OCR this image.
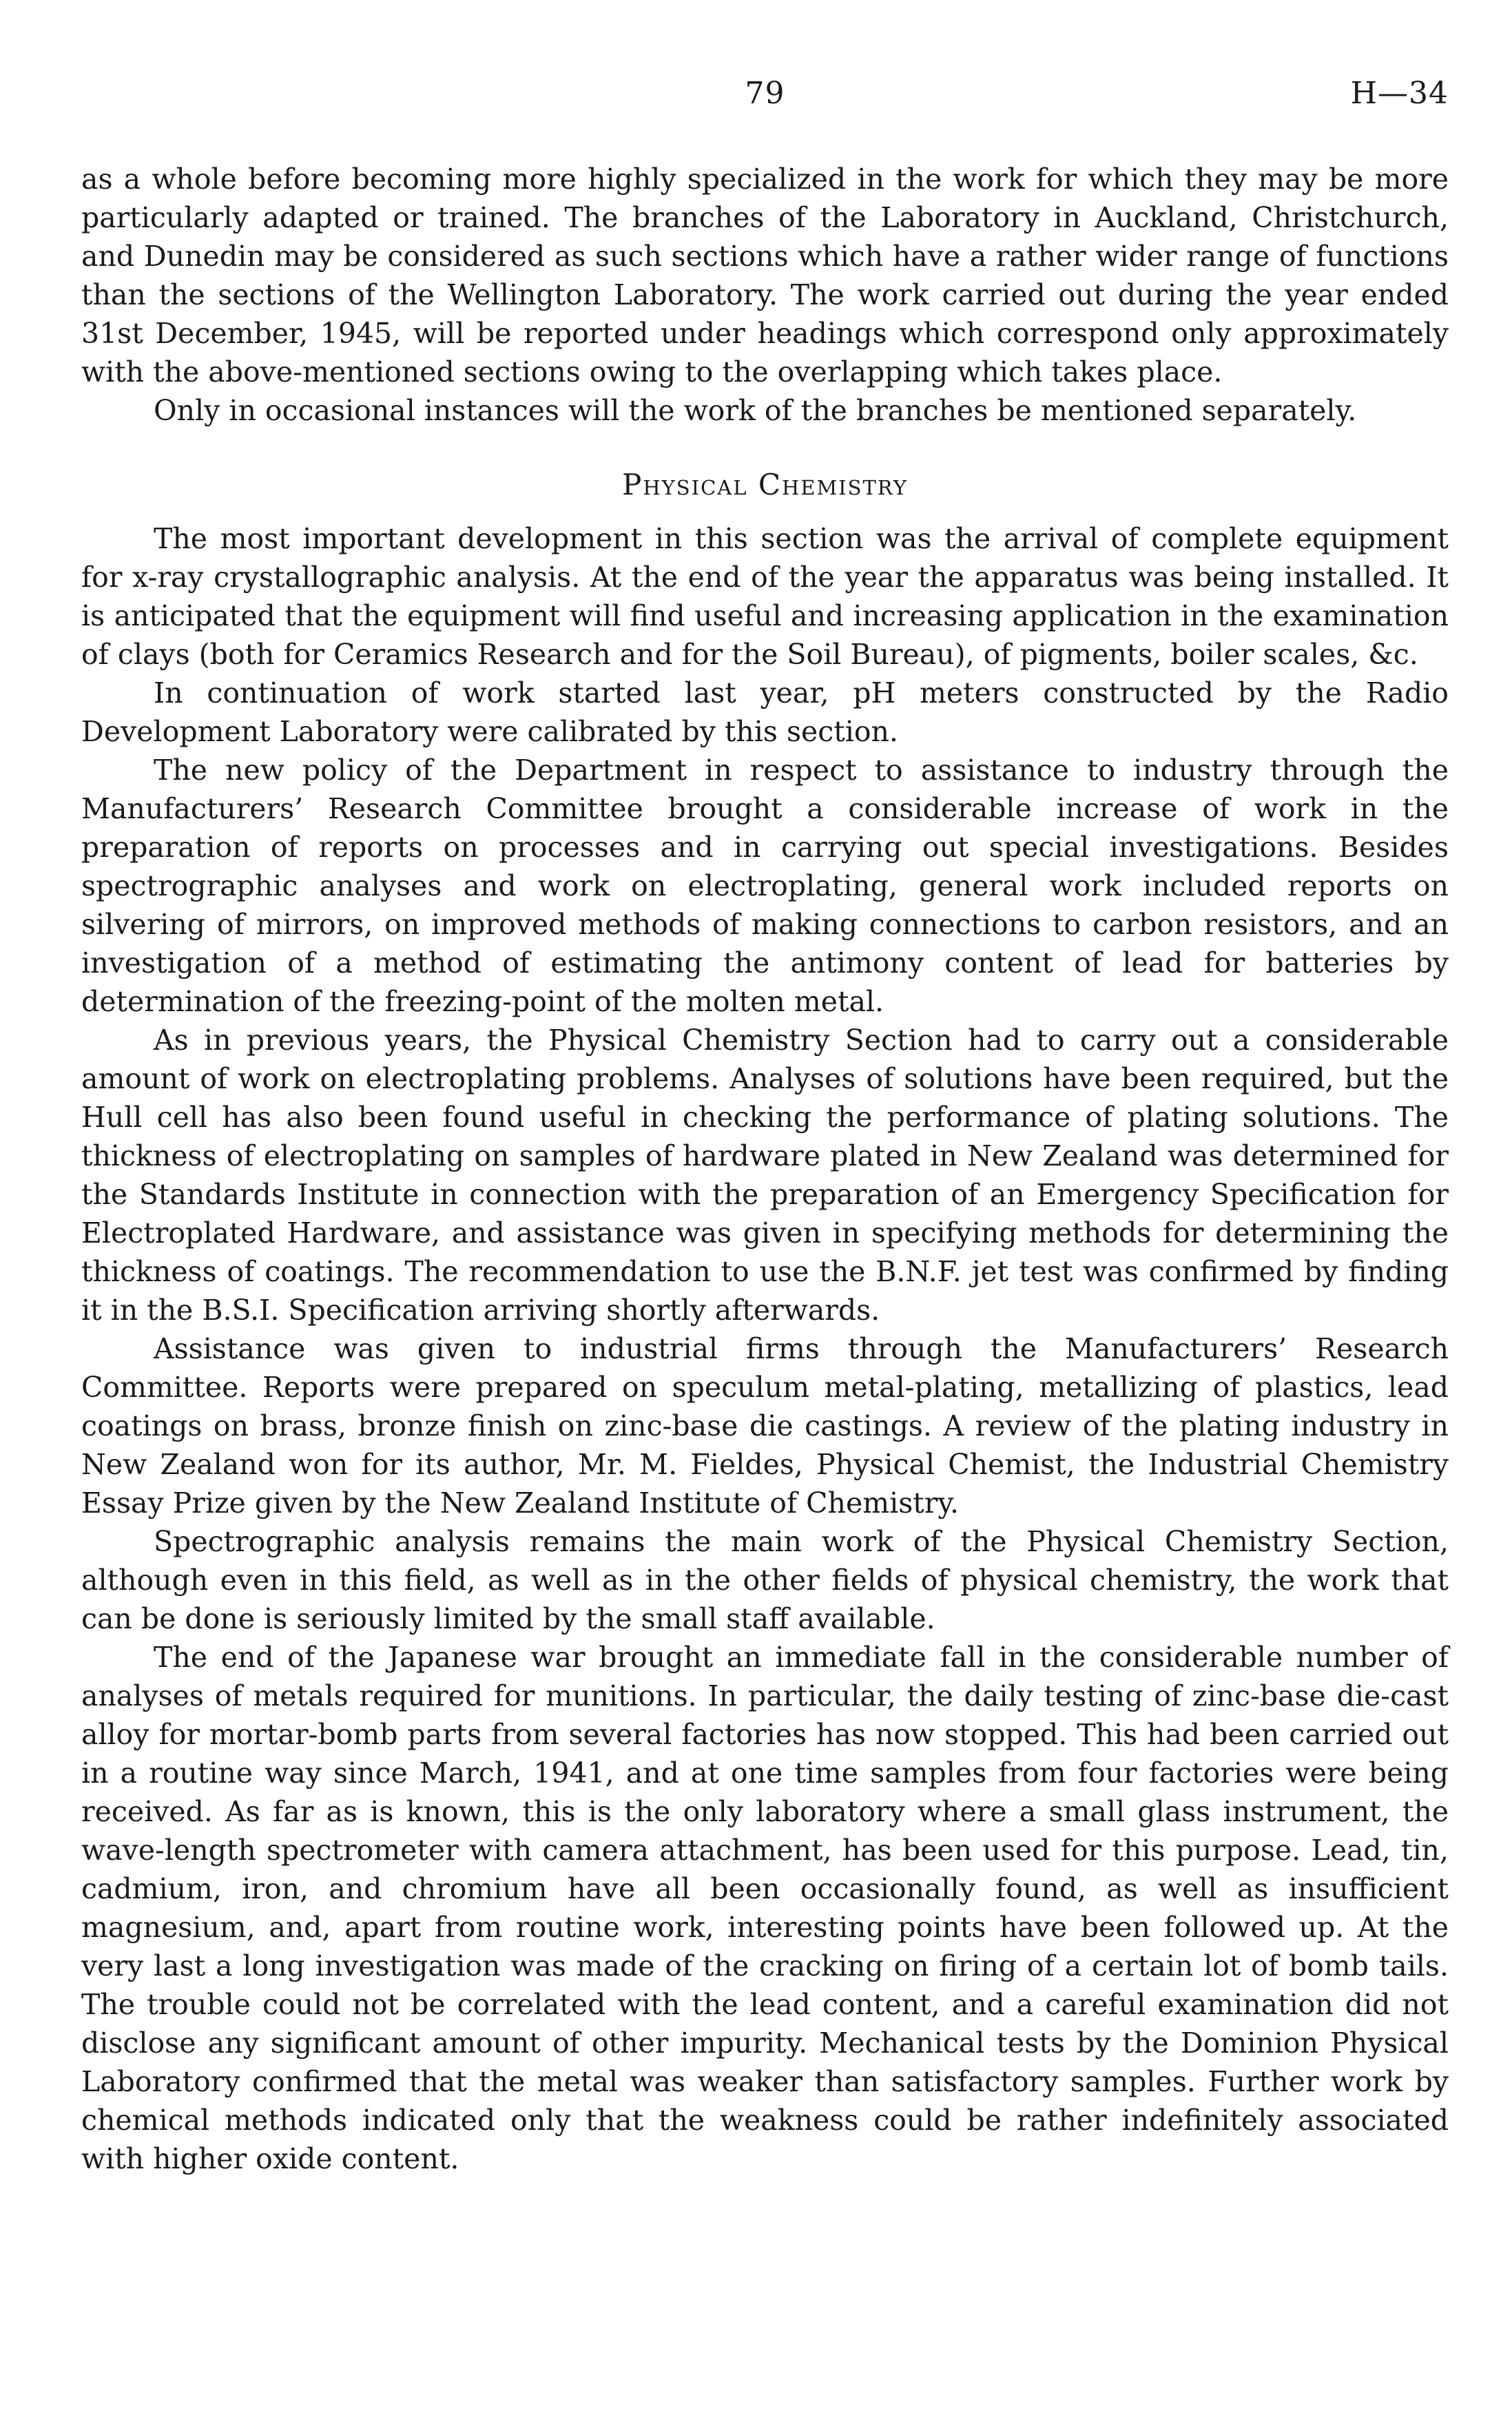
79	H—34

as a whole before becoming more highly specialized in the work for which they may be more particularly adapted or trained. The branches of the Laboratory in Auckland, Christchurch, and Dunedin may be considered as such sections which have a rather wider range of functions than the sections of the Wellington Laboratory. The work carried out during the year ended 31st December, 1945, will be reported under headings which correspond only approximately with the above-mentioned sections owing to the overlapping which takes place.

Only in occasional instances will the work of the branches be mentioned separately.

Physical Chemistry

The most important development in this section was the arrival of complete equipment for x-ray crystallographic analysis. At the end of the year the apparatus was being installed. It is anticipated that the equipment will find useful and increasing application in the examination of clays (both for Ceramics Research and for the Soil Bureau), of pigments, boiler scales, &c.

In continuation of work started last year, pH meters constructed by the Radio Development Laboratory were calibrated by this section.

The new policy of the Department in respect to assistance to industry through the Manufacturers’ Research Committee brought a considerable increase of work in the preparation of reports on processes and in carrying out special investigations. Besides spectrographic analyses and work on electroplating, general work included reports on silvering of mirrors, on improved methods of making connections to carbon resistors, and an investigation of a method of estimating the antimony content of lead for batteries by determination of the freezing-point of the molten metal.

As in previous years, the Physical Chemistry Section had to carry out a considerable amount of work on electroplating problems. Analyses of solutions have been required, but the Hull cell has also been found useful in checking the performance of plating solutions. The thickness of electroplating on samples of hardware plated in New Zealand was determined for the Standards Institute in connection with the preparation of an Emergency Specification for Electroplated Hardware, and assistance was given in specifying methods for determining the thickness of coatings. The recommendation to use the B.N.F. jet test was confirmed by finding it in the B.S.I. Specification arriving shortly afterwards.

Assistance was given to industrial firms through the Manufacturers’ Research Committee. Reports were prepared on speculum metal-plating, metallizing of plastics, lead coatings on brass, bronze finish on zinc-base die castings. A review of the plating industry in New Zealand won for its author, Mr. M. Fieldes, Physical Chemist, the Industrial Chemistry Essay Prize given by the New Zealand Institute of Chemistry.

Spectrographic analysis remains the main work of the Physical Chemistry Section, although even in this field, as well as in the other fields of physical chemistry, the work that can be done is seriously limited by the small staff available.

The end of the Japanese war brought an immediate fall in the considerable number of analyses of metals required for munitions. In particular, the daily testing of zinc-base die-cast alloy for mortar-bomb parts from several factories has now stopped. This had been carried out in a routine way since March, 1941, and at one time samples from four factories were being received. As far as is known, this is the only laboratory where a small glass instrument, the wave-length spectrometer with camera attachment, has been used for this purpose. Lead, tin, cadmium, iron, and chromium have all been occasionally found, as well as insufficient magnesium, and, apart from routine work, interesting points have been followed up. At the very last a long investigation was made of the cracking on firing of a certain lot of bomb tails. The trouble could not be correlated with the lead content, and a careful examination did not disclose any significant amount of other impurity. Mechanical tests by the Dominion Physical Laboratory confirmed that the metal was weaker than satisfactory samples. Further work by chemical methods indicated only that the weakness could be rather indefinitely associated with higher oxide content.
